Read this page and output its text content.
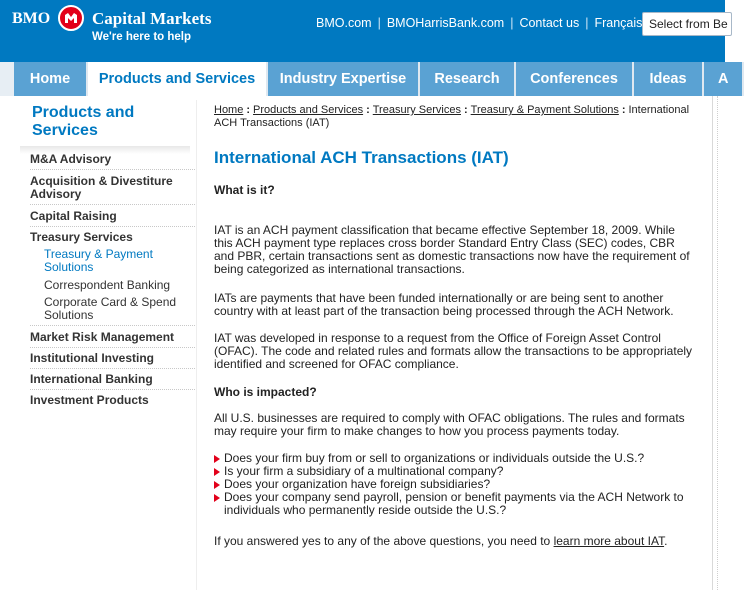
BMO Capital Markets
We're here to help
BMO.com | BMOHarrisBank.com | Contact us | Français Select from Be
Home	Products and Services	Industry Expertise	Research	Conferences	Ideas	A
Products and Services
M&A Advisory
Acquisition & Divestiture Advisory
Capital Raising
Treasury Services
Treasury & Payment Solutions
Correspondent Banking
Corporate Card & Spend Solutions
Market Risk Management
Institutional Investing
International Banking
Investment Products
Home : Products and Services : Treasury Services : Treasury & Payment Solutions : International ACH Transactions (IAT)
International ACH Transactions (IAT)
What is it?
IAT is an ACH payment classification that became effective September 18, 2009. While this ACH payment type replaces cross border Standard Entry Class (SEC) codes, CBR and PBR, certain transactions sent as domestic transactions now have the requirement of being categorized as international transactions.
IATs are payments that have been funded internationally or are being sent to another country with at least part of the transaction being processed through the ACH Network.
IAT was developed in response to a request from the Office of Foreign Asset Control (OFAC). The code and related rules and formats allow the transactions to be appropriately identified and screened for OFAC compliance.
Who is impacted?
All U.S. businesses are required to comply with OFAC obligations. The rules and formats may require your firm to make changes to how you process payments today.
Does your firm buy from or sell to organizations or individuals outside the U.S.?
Is your firm a subsidiary of a multinational company?
Does your organization have foreign subsidiaries?
Does your company send payroll, pension or benefit payments via the ACH Network to individuals who permanently reside outside the U.S.?
If you answered yes to any of the above questions, you need to learn more about IAT.
